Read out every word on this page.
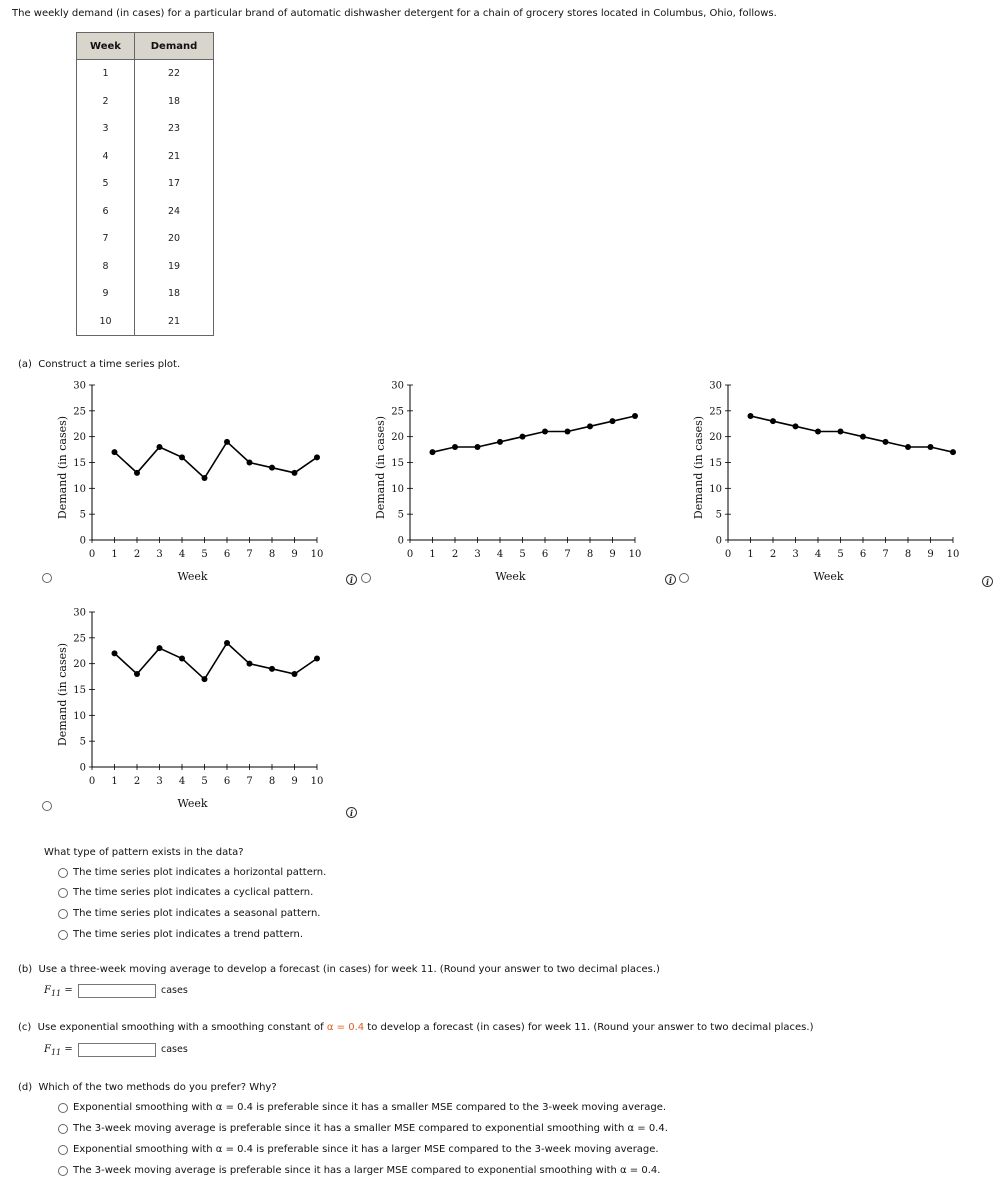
The weekly demand (in cases) for a particular brand of automatic dishwasher detergent for a chain of grocery stores located in Columbus, Ohio, follows.
Week	Demand
1	22
2	18
3	23
4	21
5	17
6	24
7	20
8	19
9	18
10	21
(a) Construct a time series plot.
0 1 2 3 4 5 6 7 8 9 10
0
5
10
15
20
25
30
Week
Demand (in cases)
0 1 2 3 4 5 6 7 8 9 10
0
5
10
15
20
25
30
Week
Demand (in cases)
0 1 2 3 4 5 6 7 8 9 10
0
5
10
15
20
25
30
Week
Demand (in cases)
0 1 2 3 4 5 6 7 8 9 10
0
5
10
15
20
25
30
Week
Demand (in cases)
i	i	i
i
What type of pattern exists in the data?
The time series plot indicates a horizontal pattern.
The time series plot indicates a cyclical pattern.
The time series plot indicates a seasonal pattern.
The time series plot indicates a trend pattern.
(b) Use a three-week moving average to develop a forecast (in cases) for week 11. (Round your answer to two decimal places.)
$F_{11}$ =	cases
(c) Use exponential smoothing with a smoothing constant of α = 0.4 to develop a forecast (in cases) for week 11. (Round your answer to two decimal places.)
$F_{11}$ =	cases
(d) Which of the two methods do you prefer? Why?
Exponential smoothing with α = 0.4 is preferable since it has a smaller MSE compared to the 3-week moving average.
The 3-week moving average is preferable since it has a smaller MSE compared to exponential smoothing with α = 0.4.
Exponential smoothing with α = 0.4 is preferable since it has a larger MSE compared to the 3-week moving average.
The 3-week moving average is preferable since it has a larger MSE compared to exponential smoothing with α = 0.4.
